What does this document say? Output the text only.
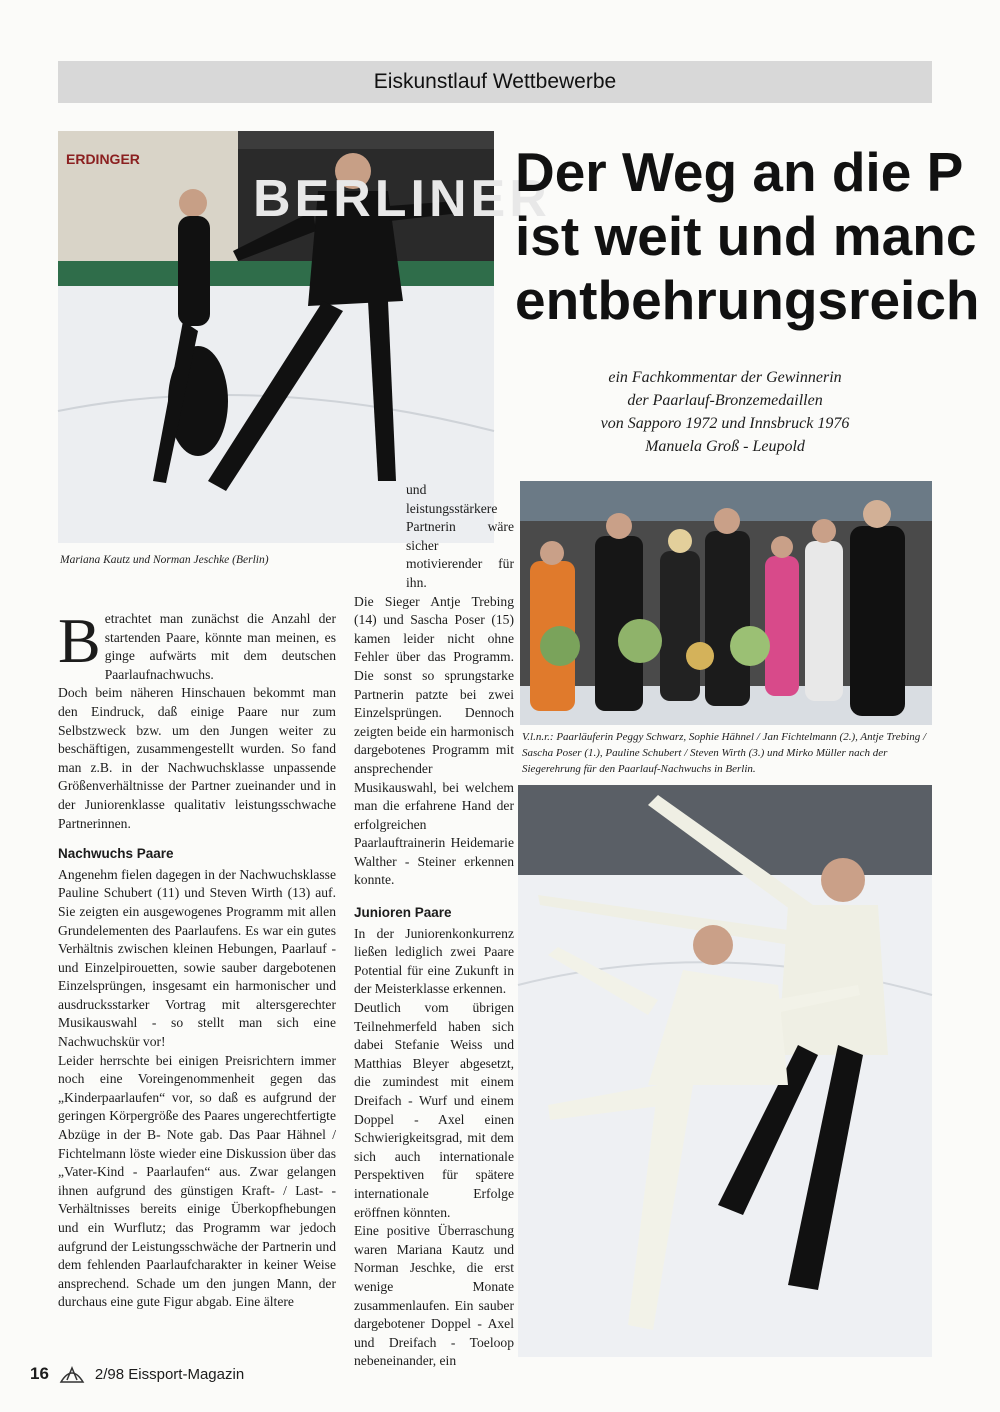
Eiskunstlauf Wettbewerbe
ERDINGER
BERLINER
Mariana Kautz und Norman Jeschke (Berlin)
Der Weg an die P
ist weit und manc
entbehrungsreich
ein Fachkommentar der Gewinnerin
der Paarlauf-Bronzemedaillen
von Sapporo 1972 und Innsbruck 1976
Manuela Groß - Leupold
V.l.n.r.: Paarläuferin Peggy Schwarz, Sophie Hähnel / Jan Fichtelmann (2.), Antje Trebing / Sascha Poser (1.), Pauline Schubert / Steven Wirth (3.) und Mirko Müller nach der Siegerehrung für den Paarlauf-Nachwuchs in Berlin.

Betrachtet man zunächst die Anzahl der startenden Paare, könnte man meinen, es ginge aufwärts mit dem deutschen Paarlaufnachwuchs.

Doch beim näheren Hinschauen bekommt man den Eindruck, daß einige Paare nur zum Selbstzweck bzw. um den Jungen weiter zu beschäftigen, zusammengestellt wurden. So fand man z.B. in der Nachwuchsklasse unpassende Größenverhältnisse der Partner zueinander und in der Juniorenklasse qualitativ leistungsschwache Partnerinnen.

Nachwuchs Paare

Angenehm fielen dagegen in der Nachwuchsklasse Pauline Schubert (11) und Steven Wirth (13) auf. Sie zeigten ein ausgewogenes Programm mit allen Grundelementen des Paarlaufens. Es war ein gutes Verhältnis zwischen kleinen Hebungen, Paarlauf - und Einzelpirouetten, sowie sauber dargebotenen Einzelsprüngen, insgesamt ein harmonischer und ausdrucksstarker Vortrag mit altersgerechter Musikauswahl - so stellt man sich eine Nachwuchskür vor!

Leider herrschte bei einigen Preisrichtern immer noch eine Voreingenommenheit gegen das „Kinderpaarlaufen“ vor, so daß es aufgrund der geringen Körpergröße des Paares ungerechtfertigte Abzüge in der B- Note gab. Das Paar Hähnel / Fichtelmann löste wieder eine Diskussion über das „Vater-Kind - Paarlaufen“ aus. Zwar gelangen ihnen aufgrund des günstigen Kraft- / Last- - Verhältnisses bereits einige Überkopfhebungen und ein Wurflutz; das Programm war jedoch aufgrund der Leistungsschwäche der Partnerin und dem fehlenden Paarlaufcharakter in keiner Weise ansprechend. Schade um den jungen Mann, der durchaus eine gute Figur abgab. Eine ältere

und leistungsstärkere Partnerin wäre sicher motivierender für ihn.

Die Sieger Antje Trebing (14) und Sascha Poser (15) kamen leider nicht ohne Fehler über das Programm. Die sonst so sprungstarke Partnerin patzte bei zwei Einzelsprüngen. Dennoch zeigten beide ein harmonisch dargebotenes Programm mit ansprechender Musikauswahl, bei welchem man die erfahrene Hand der erfolgreichen Paarlauftrainerin Heidemarie Walther - Steiner erkennen konnte.

Junioren Paare

In der Juniorenkonkurrenz ließen lediglich zwei Paare Potential für eine Zukunft in der Meisterklasse erkennen.

Deutlich vom übrigen Teilnehmerfeld haben sich dabei Stefanie Weiss und Matthias Bleyer abgesetzt, die zumindest mit einem Dreifach - Wurf und einem Doppel - Axel einen Schwierigkeitsgrad, mit dem sich auch internationale Perspektiven für spätere internationale Erfolge eröffnen könnten.

Eine positive Überraschung waren Mariana Kautz und Norman Jeschke, die erst wenige Monate zusammenlaufen. Ein sauber dargebotener Doppel - Axel und Dreifach - Toeloop nebeneinander, ein

16	2/98 Eissport-Magazin
